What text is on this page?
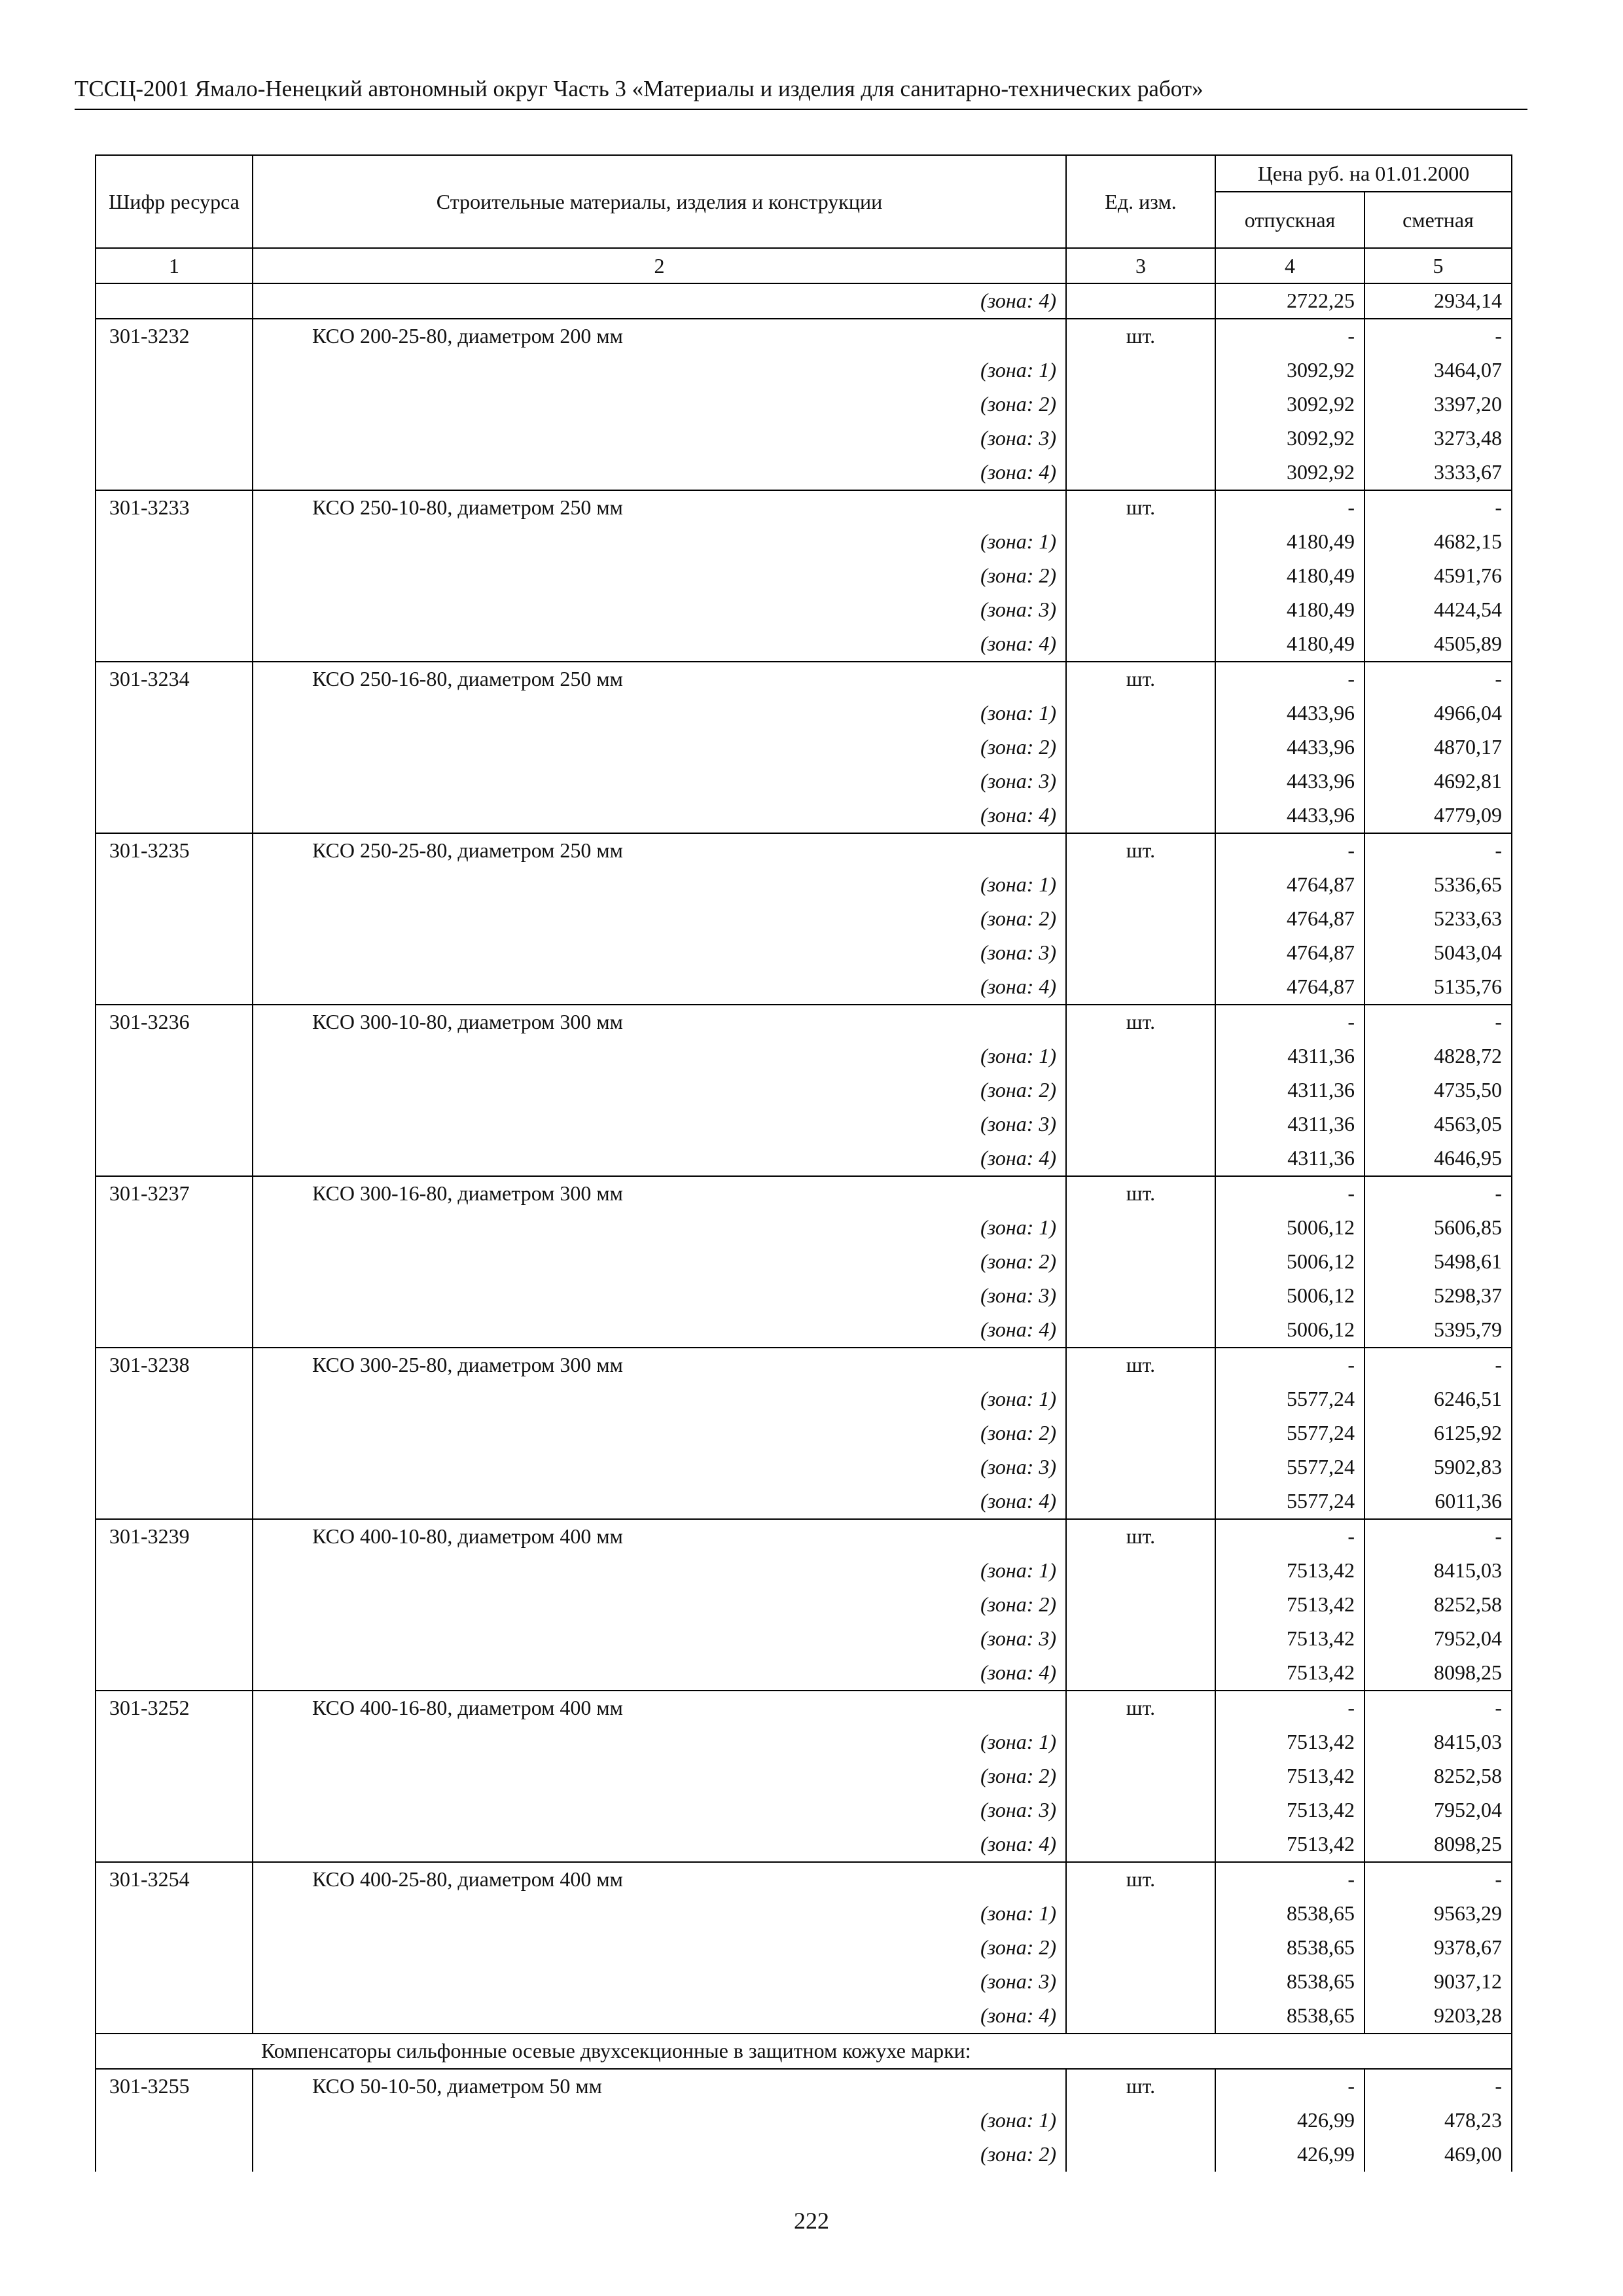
ТССЦ-2001 Ямало-Ненецкий автономный округ Часть 3 «Материалы и изделия для санитарно-технических работ»
Шифр ресурса	Строительные материалы, изделия и конструкции	Ед. изм.	Цена руб. на 01.01.2000	
			отпускная	сметная
1	2	3	4	5
	(зона: 4)		2722,25	2934,14
301-3232	КСО 200-25-80, диаметром 200 мм	шт.	-	-
	(зона: 1)		3092,92	3464,07
	(зона: 2)		3092,92	3397,20
	(зона: 3)		3092,92	3273,48
	(зона: 4)		3092,92	3333,67
301-3233	КСО 250-10-80, диаметром 250 мм	шт.	-	-
	(зона: 1)		4180,49	4682,15
	(зона: 2)		4180,49	4591,76
	(зона: 3)		4180,49	4424,54
	(зона: 4)		4180,49	4505,89
301-3234	КСО 250-16-80, диаметром 250 мм	шт.	-	-
	(зона: 1)		4433,96	4966,04
	(зона: 2)		4433,96	4870,17
	(зона: 3)		4433,96	4692,81
	(зона: 4)		4433,96	4779,09
301-3235	КСО 250-25-80, диаметром 250 мм	шт.	-	-
	(зона: 1)		4764,87	5336,65
	(зона: 2)		4764,87	5233,63
	(зона: 3)		4764,87	5043,04
	(зона: 4)		4764,87	5135,76
301-3236	КСО 300-10-80, диаметром 300 мм	шт.	-	-
	(зона: 1)		4311,36	4828,72
	(зона: 2)		4311,36	4735,50
	(зона: 3)		4311,36	4563,05
	(зона: 4)		4311,36	4646,95
301-3237	КСО 300-16-80, диаметром 300 мм	шт.	-	-
	(зона: 1)		5006,12	5606,85
	(зона: 2)		5006,12	5498,61
	(зона: 3)		5006,12	5298,37
	(зона: 4)		5006,12	5395,79
301-3238	КСО 300-25-80, диаметром 300 мм	шт.	-	-
	(зона: 1)		5577,24	6246,51
	(зона: 2)		5577,24	6125,92
	(зона: 3)		5577,24	5902,83
	(зона: 4)		5577,24	6011,36
301-3239	КСО 400-10-80, диаметром 400 мм	шт.	-	-
	(зона: 1)		7513,42	8415,03
	(зона: 2)		7513,42	8252,58
	(зона: 3)		7513,42	7952,04
	(зона: 4)		7513,42	8098,25
301-3252	КСО 400-16-80, диаметром 400 мм	шт.	-	-
	(зона: 1)		7513,42	8415,03
	(зона: 2)		7513,42	8252,58
	(зона: 3)		7513,42	7952,04
	(зона: 4)		7513,42	8098,25
301-3254	КСО 400-25-80, диаметром 400 мм	шт.	-	-
	(зона: 1)		8538,65	9563,29
	(зона: 2)		8538,65	9378,67
	(зона: 3)		8538,65	9037,12
	(зона: 4)		8538,65	9203,28
Компенсаторы сильфонные осевые двухсекционные в защитном кожухе марки:				
301-3255	КСО 50-10-50, диаметром 50 мм	шт.	-	-
	(зона: 1)		426,99	478,23
	(зона: 2)		426,99	469,00
222
